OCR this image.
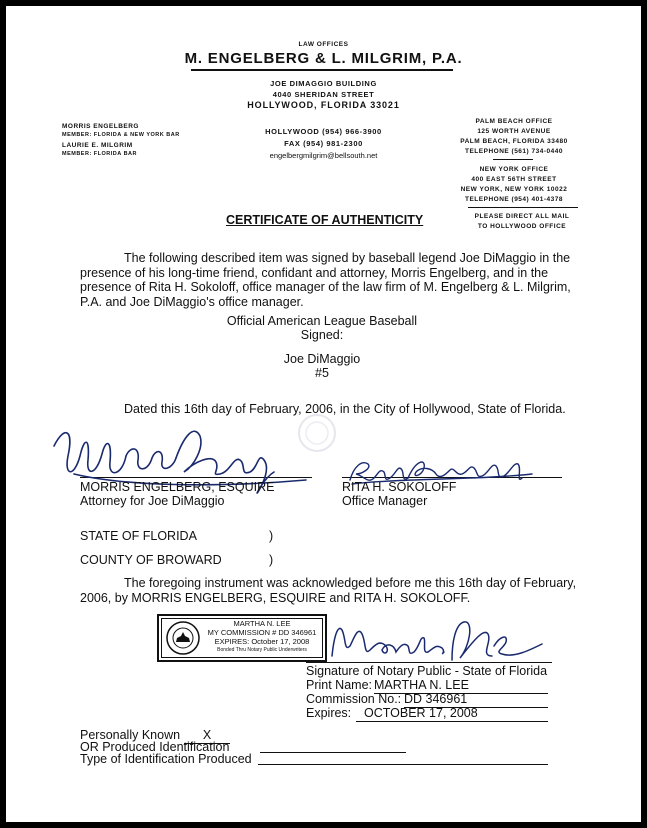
LAW OFFICES
M. ENGELBERG & L. MILGRIM, P.A.
JOE DIMAGGIO BUILDING
4040 SHERIDAN STREET
HOLLYWOOD, FLORIDA 33021
HOLLYWOOD (954) 966-3900
FAX (954) 981-2300
engelbergmilgrim@bellsouth.net
MORRIS ENGELBERG
MEMBER: FLORIDA & NEW YORK BAR
LAURIE E. MILGRIM
MEMBER: FLORIDA BAR
PALM BEACH OFFICE
125 WORTH AVENUE
PALM BEACH, FLORIDA 33480
TELEPHONE (561) 734-0440
NEW YORK OFFICE
400 EAST 56TH STREET
NEW YORK, NEW YORK 10022
TELEPHONE (954) 401-4378
PLEASE DIRECT ALL MAIL
TO HOLLYWOOD OFFICE
CERTIFICATE OF AUTHENTICITY
The following described item was signed by baseball legend Joe DiMaggio in the presence of his long-time friend, confidant and attorney, Morris Engelberg, and in the presence of Rita H. Sokoloff, office manager of the law firm of M. Engelberg & L. Milgrim, P.A. and Joe DiMaggio's office manager.
Official American League Baseball
Signed:
Joe DiMaggio
#5
Dated this 16th day of February, 2006, in the City of Hollywood, State of Florida.
MORRIS ENGELBERG, ESQUIRE
Attorney for Joe DiMaggio
RITA H. SOKOLOFF
Office Manager
STATE OF FLORIDA	)
COUNTY OF BROWARD	)
The foregoing instrument was acknowledged before me this 16th day of February, 2006, by MORRIS ENGELBERG, ESQUIRE and RITA H. SOKOLOFF.
MARTHA N. LEE
MY COMMISSION # DD 346961
EXPIRES: October 17, 2008
Bonded Thru Notary Public Underwriters
Signature of Notary Public - State of Florida
Print Name: MARTHA N. LEE
Commission No.: DD 346961
Expires:	OCTOBER 17, 2008
Personally Known	X
OR Produced Identification
Type of Identification Produced
